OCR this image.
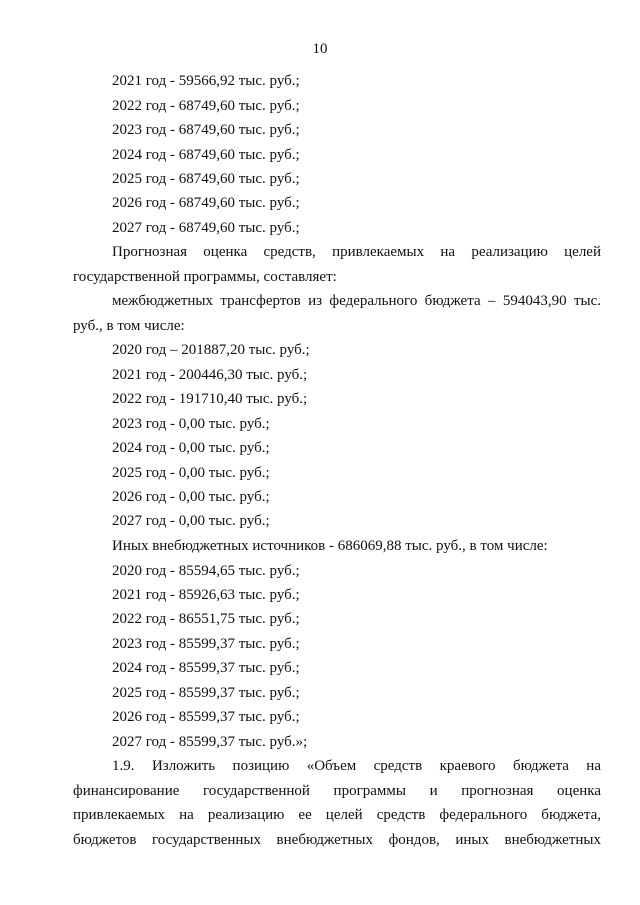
10
2021 год - 59566,92 тыс. руб.;
2022 год - 68749,60 тыс. руб.;
2023 год - 68749,60 тыс. руб.;
2024 год - 68749,60 тыс. руб.;
2025 год - 68749,60 тыс. руб.;
2026 год - 68749,60 тыс. руб.;
2027 год - 68749,60 тыс. руб.;
Прогнозная оценка средств, привлекаемых на реализацию целей
государственной программы, составляет:
межбюджетных трансфертов из федерального бюджета – 594043,90 тыс.
руб., в том числе:
2020 год – 201887,20 тыс. руб.;
2021 год - 200446,30 тыс. руб.;
2022 год - 191710,40 тыс. руб.;
2023 год - 0,00 тыс. руб.;
2024 год - 0,00 тыс. руб.;
2025 год - 0,00 тыс. руб.;
2026 год - 0,00 тыс. руб.;
2027 год - 0,00 тыс. руб.;
Иных внебюджетных источников - 686069,88 тыс. руб., в том числе:
2020 год - 85594,65 тыс. руб.;
2021 год - 85926,63 тыс. руб.;
2022 год - 86551,75 тыс. руб.;
2023 год - 85599,37 тыс. руб.;
2024 год - 85599,37 тыс. руб.;
2025 год - 85599,37 тыс. руб.;
2026 год - 85599,37 тыс. руб.;
2027 год - 85599,37 тыс. руб.»;
1.9. Изложить позицию «Объем средств краевого бюджета на
финансирование государственной программы и прогнозная оценка
привлекаемых на реализацию ее целей средств федерального бюджета,
бюджетов государственных внебюджетных фондов, иных внебюджетных
